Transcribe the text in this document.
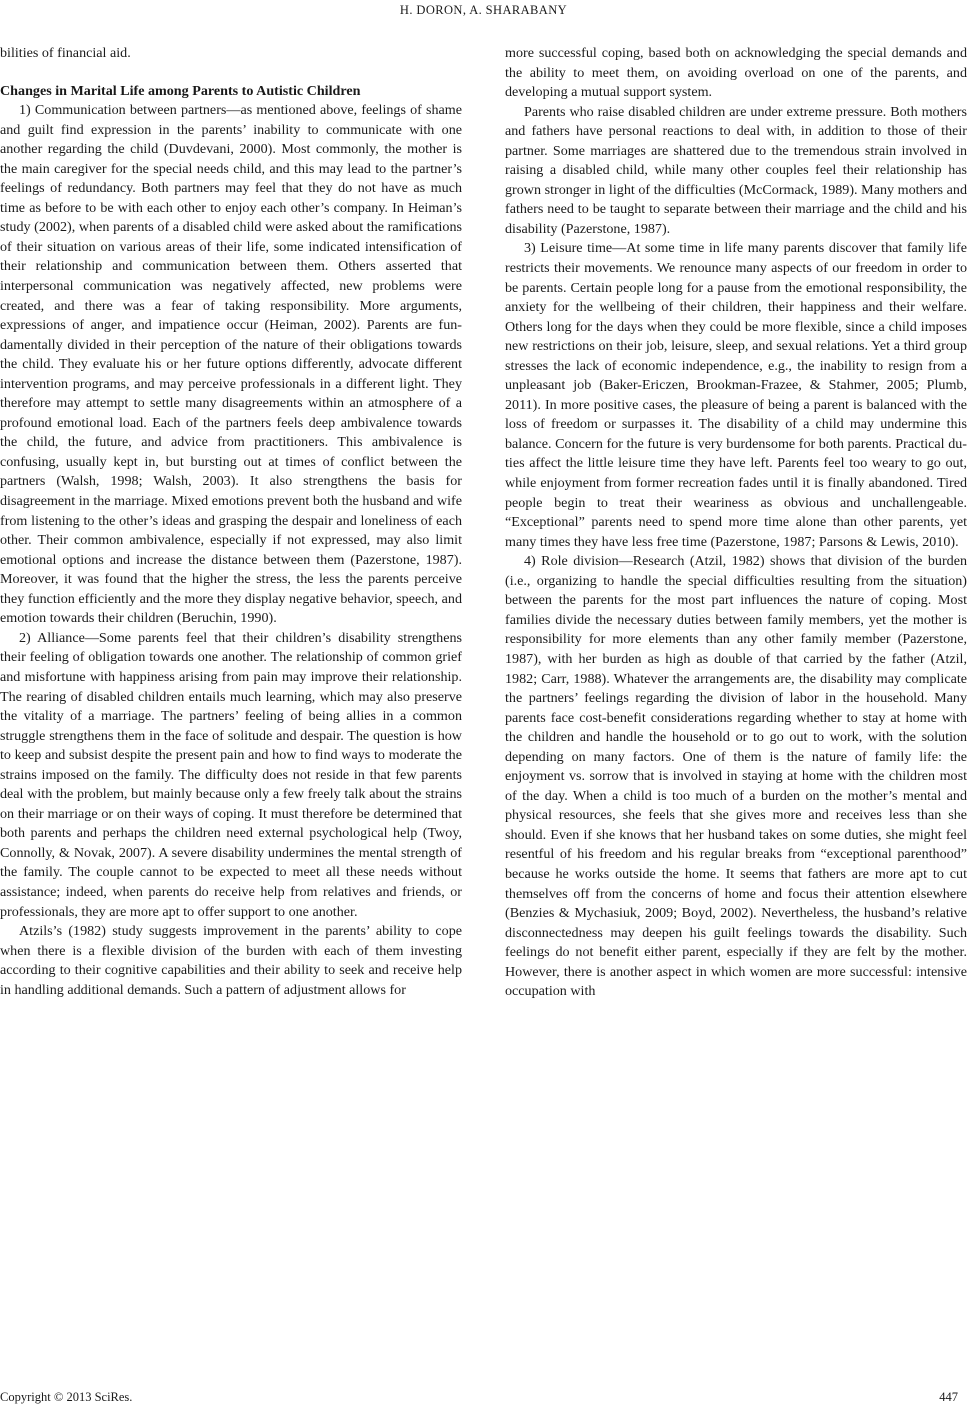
H. DORON, A. SHARABANY

bilities of financial aid.

Changes in Marital Life among Parents to Autistic Children

1) Communication between partners—as mentioned above, feelings of shame and guilt find expression in the parents’ inability to communicate with one another regarding the child (Duvdevani, 2000). Most commonly, the mother is the main caregiver for the special needs child, and this may lead to the partner’s feelings of redundancy. Both partners may feel that they do not have as much time as before to be with each other to enjoy each other’s company. In Heiman’s study (2002), when parents of a disabled child were asked about the ramifications of their situation on various areas of their life, some indicated intensification of their relationship and communication between them. Others asserted that interpersonal communication was negatively affected, new problems were created, and there was a fear of taking responsibility. More arguments, expressions of anger, and impatience occur (Heiman, 2002). Parents are fundamentally divided in their perception of the nature of their obligations towards the child. They evaluate his or her future options differently, advocate different intervention programs, and may perceive professionals in a different light. They therefore may attempt to settle many disagreements within an atmosphere of a profound emotional load. Each of the partners feels deep ambivalence towards the child, the future, and advice from practitioners. This ambivalence is confusing, usually kept in, but bursting out at times of conflict between the partners (Walsh, 1998; Walsh, 2003). It also strengthens the basis for disagreement in the marriage. Mixed emotions prevent both the husband and wife from listening to the other’s ideas and grasping the despair and loneliness of each other. Their common ambivalence, especially if not expressed, may also limit emotional options and increase the distance between them (Pazerstone, 1987). Moreover, it was found that the higher the stress, the less the parents perceive they function efficiently and the more they display negative behavior, speech, and emotion towards their children (Beruchin, 1990).

2) Alliance—Some parents feel that their children’s disability strengthens their feeling of obligation towards one another. The relationship of common grief and misfortune with happiness arising from pain may improve their relationship. The rearing of disabled children entails much learning, which may also preserve the vitality of a marriage. The partners’ feeling of being allies in a common struggle strengthens them in the face of solitude and despair. The question is how to keep and subsist despite the present pain and how to find ways to moderate the strains imposed on the family. The difficulty does not reside in that few parents deal with the problem, but mainly because only a few freely talk about the strains on their marriage or on their ways of coping. It must therefore be determined that both parents and perhaps the children need external psychological help (Twoy, Connolly, & Novak, 2007). A severe disability undermines the mental strength of the family. The couple cannot to be expected to meet all these needs without assistance; indeed, when parents do receive help from relatives and friends, or professionals, they are more apt to offer support to one another.

Atzils’s (1982) study suggests improvement in the parents’ ability to cope when there is a flexible division of the burden with each of them investing according to their cognitive capabilities and their ability to seek and receive help in handling additional demands. Such a pattern of adjustment allows for

more successful coping, based both on acknowledging the special demands and the ability to meet them, on avoiding overload on one of the parents, and developing a mutual support system.

Parents who raise disabled children are under extreme pressure. Both mothers and fathers have personal reactions to deal with, in addition to those of their partner. Some marriages are shattered due to the tremendous strain involved in raising a disabled child, while many other couples feel their relationship has grown stronger in light of the difficulties (McCormack, 1989). Many mothers and fathers need to be taught to separate between their marriage and the child and his disability (Pazerstone, 1987).

3) Leisure time—At some time in life many parents discover that family life restricts their movements. We renounce many aspects of our freedom in order to be parents. Certain people long for a pause from the emotional responsibility, the anxiety for the wellbeing of their children, their happiness and their welfare. Others long for the days when they could be more flexible, since a child imposes new restrictions on their job, leisure, sleep, and sexual relations. Yet a third group stresses the lack of economic independence, e.g., the inability to resign from a unpleasant job (Baker-Ericzen, Brookman-Frazee, & Stahmer, 2005; Plumb, 2011). In more positive cases, the pleasure of being a parent is balanced with the loss of freedom or surpasses it. The disability of a child may undermine this balance. Concern for the future is very burdensome for both parents. Practical duties affect the little leisure time they have left. Parents feel too weary to go out, while enjoyment from former recreation fades until it is finally abandoned. Tired people begin to treat their weariness as obvious and unchallengeable. “Exceptional” parents need to spend more time alone than other parents, yet many times they have less free time (Pazerstone, 1987; Parsons & Lewis, 2010).

4) Role division—Research (Atzil, 1982) shows that division of the burden (i.e., organizing to handle the special difficulties resulting from the situation) between the parents for the most part influences the nature of coping. Most families divide the necessary duties between family members, yet the mother is responsibility for more elements than any other family member (Pazerstone, 1987), with her burden as high as double of that carried by the father (Atzil, 1982; Carr, 1988). Whatever the arrangements are, the disability may complicate the partners’ feelings regarding the division of labor in the household. Many parents face cost-benefit considerations regarding whether to stay at home with the children and handle the household or to go out to work, with the solution depending on many factors. One of them is the nature of family life: the enjoyment vs. sorrow that is involved in staying at home with the children most of the day. When a child is too much of a burden on the mother’s mental and physical resources, she feels that she gives more and receives less than she should. Even if she knows that her husband takes on some duties, she might feel resentful of his freedom and his regular breaks from “exceptional parenthood” because he works outside the home. It seems that fathers are more apt to cut themselves off from the concerns of home and focus their attention elsewhere (Benzies & Mychasiuk, 2009; Boyd, 2002). Nevertheless, the husband’s relative disconnectedness may deepen his guilt feelings towards the disability. Such feelings do not benefit either parent, especially if they are felt by the mother. However, there is another aspect in which women are more successful: intensive occupation with

Copyright © 2013 SciRes.	447
